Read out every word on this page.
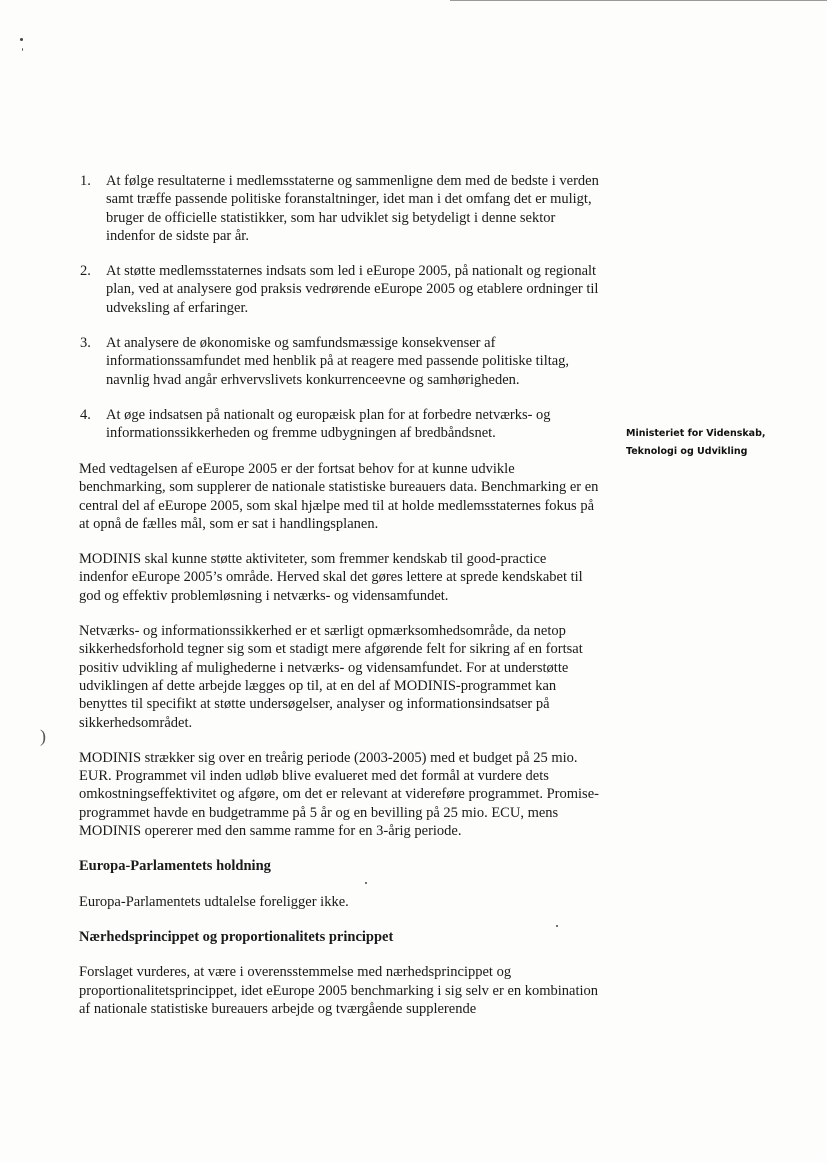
1. At følge resultaterne i medlemsstaterne og sammenligne dem med de bedste i verden samt træffe passende politiske foranstaltninger, idet man i det omfang det er muligt, bruger de officielle statistikker, som har udviklet sig betydeligt i denne sektor indenfor de sidste par år.
2. At støtte medlemsstaternes indsats som led i eEurope 2005, på nationalt og regionalt plan, ved at analysere god praksis vedrørende eEurope 2005 og etablere ordninger til udveksling af erfaringer.
3. At analysere de økonomiske og samfundsmæssige konsekvenser af informationssamfundet med henblik på at reagere med passende politiske tiltag, navnlig hvad angår erhvervslivets konkurrenceevne og samhørigheden.
4. At øge indsatsen på nationalt og europæisk plan for at forbedre netværks- og informationssikkerheden og fremme udbygningen af bredbåndsnet.	Ministeriet for Videnskab,
Teknologi og Udvikling
)

Med vedtagelsen af eEurope 2005 er der fortsat behov for at kunne udvikle benchmarking, som supplerer de nationale statistiske bureauers data. Benchmarking er en central del af eEurope 2005, som skal hjælpe med til at holde medlemsstaternes fokus på at opnå de fælles mål, som er sat i handlingsplanen.

MODINIS skal kunne støtte aktiviteter, som fremmer kendskab til good-practice indenfor eEurope 2005’s område. Herved skal det gøres lettere at sprede kendskabet til god og effektiv problemløsning i netværks- og vidensamfundet.

Netværks- og informationssikkerhed er et særligt opmærksomhedsområde, da netop sikkerhedsforhold tegner sig som et stadigt mere afgørende felt for sikring af en fortsat positiv udvikling af mulighederne i netværks- og vidensamfundet. For at understøtte udviklingen af dette arbejde lægges op til, at en del af MODINIS-programmet kan benyttes til specifikt at støtte undersøgelser, analyser og informationsindsatser på sikkerhedsområdet.

MODINIS strækker sig over en treårig periode (2003-2005) med et budget på 25 mio. EUR. Programmet vil inden udløb blive evalueret med det formål at vurdere dets omkostningseffektivitet og afgøre, om det er relevant at videreføre programmet. Promise-programmet havde en budgetramme på 5 år og en bevilling på 25 mio. ECU, mens MODINIS opererer med den samme ramme for en 3-årig periode.

Europa-Parlamentets holdning

Europa-Parlamentets udtalelse foreligger ikke.

Nærhedsprincippet og proportionalitets princippet

Forslaget vurderes, at være i overensstemmelse med nærhedsprincippet og proportionalitetsprincippet, idet eEurope 2005 benchmarking i sig selv er en kombination af nationale statistiske bureauers arbejde og tværgående supplerende
